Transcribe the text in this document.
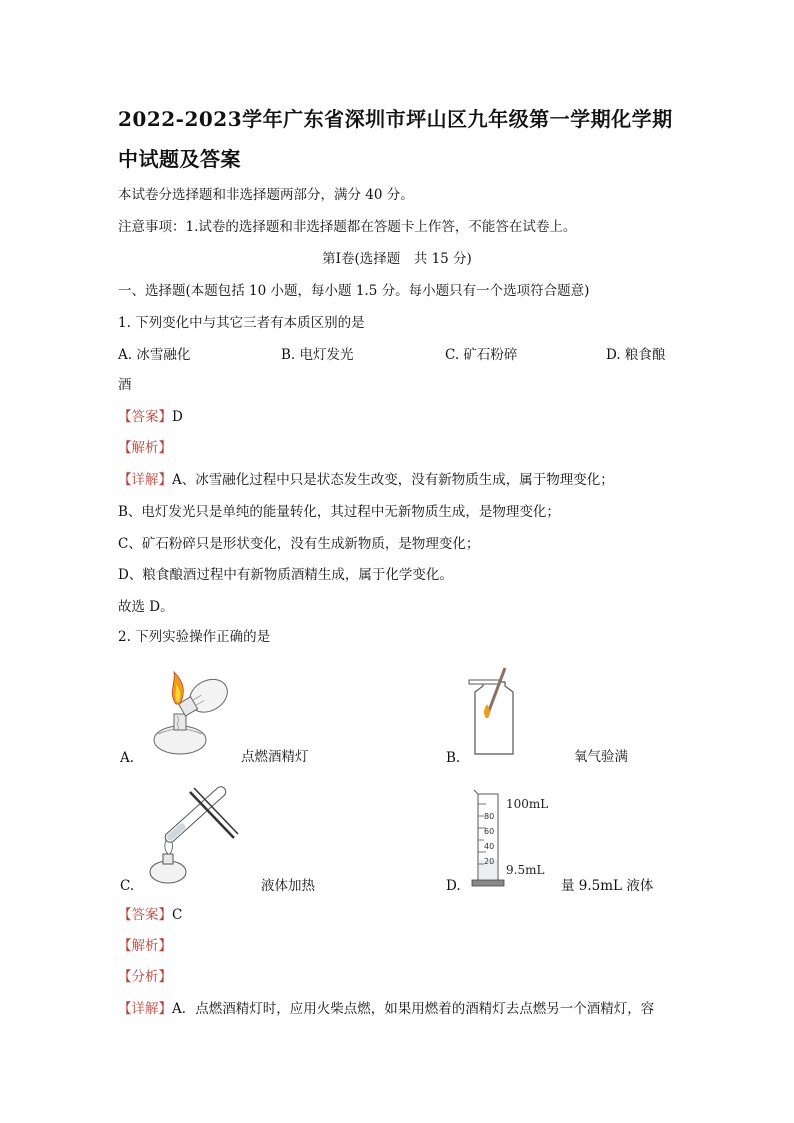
2022-2023学年广东省深圳市坪山区九年级第一学期化学期
中试题及答案
本试卷分选择题和非选择题两部分，满分 40 分。
注意事项：1.试卷的选择题和非选择题都在答题卡上作答，不能答在试卷上。
第Ⅰ卷(选择题　共 15 分)
一、选择题(本题包括 10 小题，每小题 1.5 分。每小题只有一个选项符合题意)
1. 下列变化中与其它三者有本质区别的是
A. 冰雪融化	B. 电灯发光	C. 矿石粉碎	D. 粮食酿
酒
【答案】D
【解析】
【详解】A、冰雪融化过程中只是状态发生改变，没有新物质生成，属于物理变化；
B、电灯发光只是单纯的能量转化，其过程中无新物质生成，是物理变化；
C、矿石粉碎只是形状变化，没有生成新物质，是物理变化；
D、粮食酿酒过程中有新物质酒精生成，属于化学变化。
故选 D。
2. 下列实验操作正确的是
A.	点燃酒精灯	B.	氧气验满
C.	液体加热
80
60
40
20
100mL
9.5mL
D.	量 9.5mL 液体
【答案】C
【解析】
【分析】
【详解】A．点燃酒精灯时，应用火柴点燃，如果用燃着的酒精灯去点燃另一个酒精灯，容
